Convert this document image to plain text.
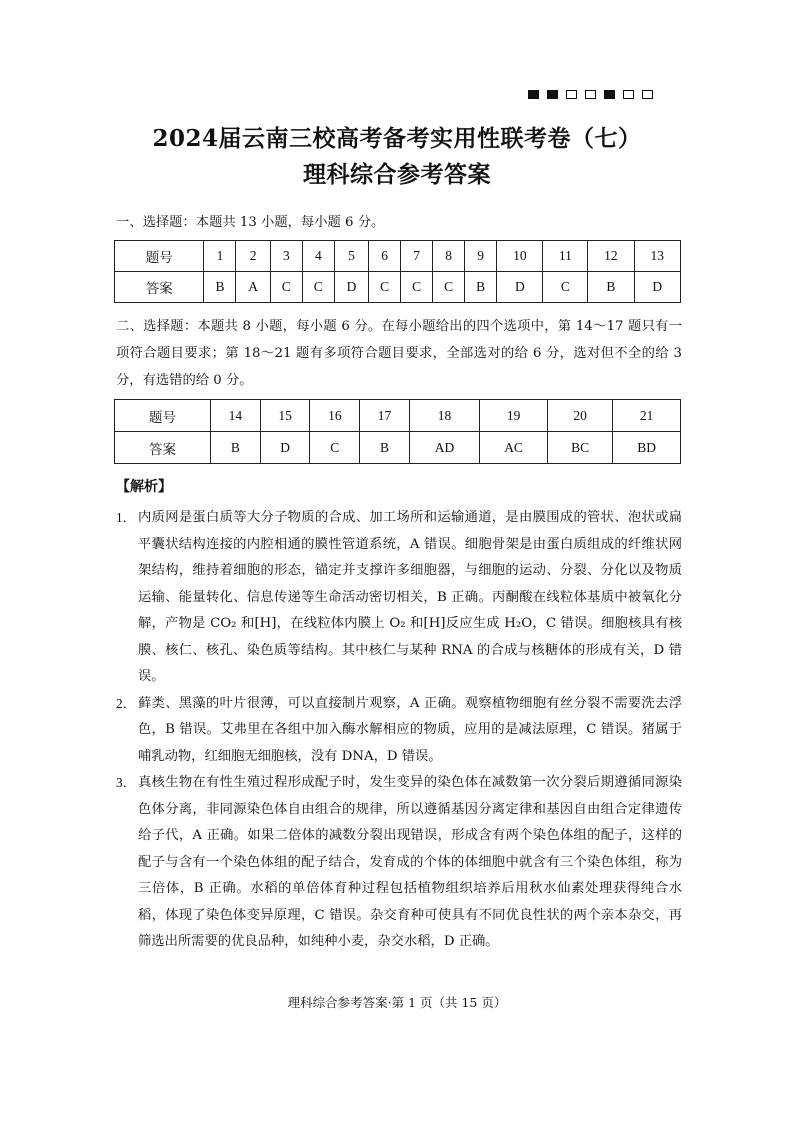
2024届云南三校高考备考实用性联考卷（七）
理科综合参考答案
一、选择题：本题共 13 小题，每小题 6 分。
题号	1	2	3	4	5	6	7	8	9	10	11	12	13
答案	B	A	C	C	D	C	C	C	B	D	C	B	D
二、选择题：本题共 8 小题，每小题 6 分。在每小题给出的四个选项中，第 14～17 题只有一项符合题目要求；第 18～21 题有多项符合题目要求，全部选对的给 6 分，选对但不全的给 3 分，有选错的给 0 分。
题号	14	15	16	17	18	19	20	21
答案	B	D	C	B	AD	AC	BC	BD
【解析】
1． 内质网是蛋白质等大分子物质的合成、加工场所和运输通道，是由膜围成的管状、泡状或扁平囊状结构连接的内腔相通的膜性管道系统，A 错误。细胞骨架是由蛋白质组成的纤维状网架结构，维持着细胞的形态，锚定并支撑许多细胞器，与细胞的运动、分裂、分化以及物质运输、能量转化、信息传递等生命活动密切相关，B 正确。丙酮酸在线粒体基质中被氧化分解，产物是 CO₂ 和[H]，在线粒体内膜上 O₂ 和[H]反应生成 H₂O，C 错误。细胞核具有核膜、核仁、核孔、染色质等结构。其中核仁与某种 RNA 的合成与核糖体的形成有关，D 错误。
2． 藓类、黑藻的叶片很薄，可以直接制片观察，A 正确。观察植物细胞有丝分裂不需要洗去浮色，B 错误。艾弗里在各组中加入酶水解相应的物质，应用的是减法原理，C 错误。猪属于哺乳动物，红细胞无细胞核，没有 DNA，D 错误。
3． 真核生物在有性生殖过程形成配子时，发生变异的染色体在减数第一次分裂后期遵循同源染色体分离，非同源染色体自由组合的规律，所以遵循基因分离定律和基因自由组合定律遗传给子代，A 正确。如果二倍体的减数分裂出现错误，形成含有两个染色体组的配子，这样的配子与含有一个染色体组的配子结合，发育成的个体的体细胞中就含有三个染色体组，称为三倍体，B 正确。水稻的单倍体育种过程包括植物组织培养后用秋水仙素处理获得纯合水稻，体现了染色体变异原理，C 错误。杂交育种可使具有不同优良性状的两个亲本杂交，再筛选出所需要的优良品种，如纯种小麦，杂交水稻，D 正确。
理科综合参考答案·第 1 页（共 15 页）
